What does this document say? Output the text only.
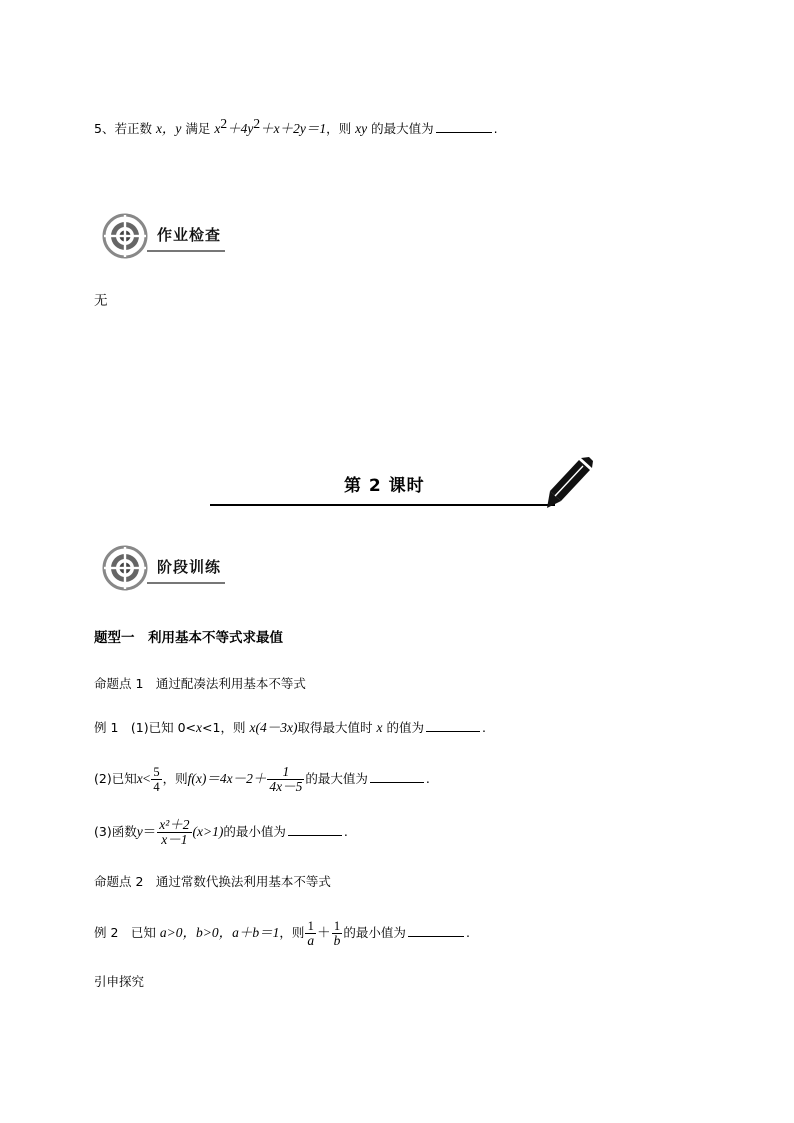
5、若正数 x，y 满足 $x^2+4y^2+x+2y=1$，则 xy 的最大值为	.
作业检查
无
第 2 课时
阶段训练
题型一　利用基本不等式求最值
命题点 1　通过配凑法利用基本不等式
例 1　(1)已知 0<x<1，则 x(4－3x)取得最大值时 x 的值为	.
(2)已知$x< \frac{5}{4}$ ，则$f(x)=4x-2+ \frac{1}{4x-5}$ 的最大值为	.
(3)函数$y= \frac{\text{x²＋2}}{x-1} (x>1)$的最小值为	.
命题点 2　通过常数代换法利用基本不等式
例 2　已知 a>0，b>0，a＋b＝1，则 $\frac{1}{a} + \frac{1}{b}$ 的最小值为	.
引申探究
